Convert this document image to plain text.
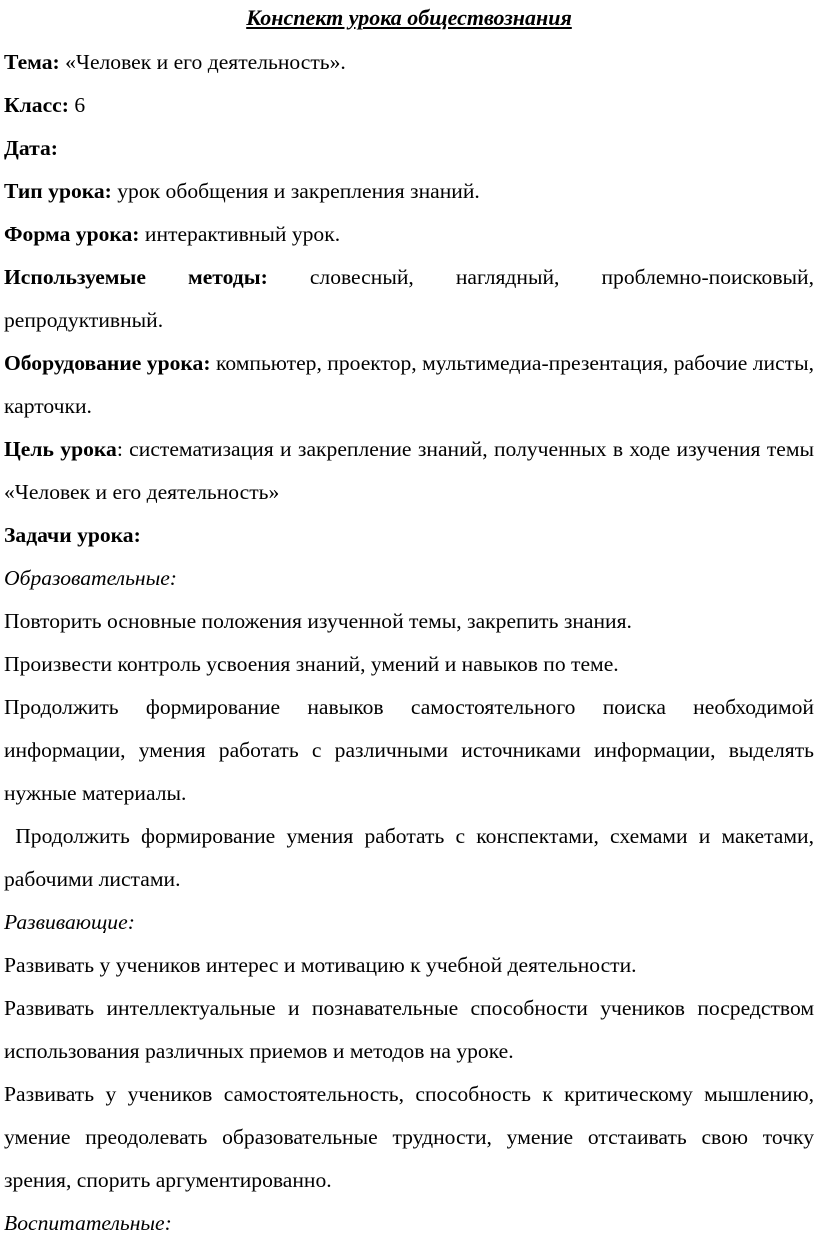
Конспект урока обществознания

Тема: «Человек и его деятельность».

Класс: 6

Дата:

Тип урока: урок обобщения и закрепления знаний.

Форма урока: интерактивный урок.

Используемые методы: словесный, наглядный, проблемно-поисковый, репродуктивный.

Оборудование урока: компьютер, проектор, мультимедиа-презентация, рабочие листы, карточки.

Цель урока: систематизация и закрепление знаний, полученных в ходе изучения темы «Человек и его деятельность»

Задачи урока:

Образовательные:

Повторить основные положения изученной темы, закрепить знания.

Произвести контроль усвоения знаний, умений и навыков по теме.

Продолжить формирование навыков самостоятельного поиска необходимой информации, умения работать с различными источниками информации, выделять нужные материалы.

Продолжить формирование умения работать с конспектами, схемами и макетами, рабочими листами.

Развивающие:

Развивать у учеников интерес и мотивацию к учебной деятельности.

Развивать интеллектуальные и познавательные способности учеников посредством использования различных приемов и методов на уроке.

Развивать у учеников самостоятельность, способность к критическому мышлению, умение преодолевать образовательные трудности, умение отстаивать свою точку зрения, спорить аргументированно.

Воспитательные:
